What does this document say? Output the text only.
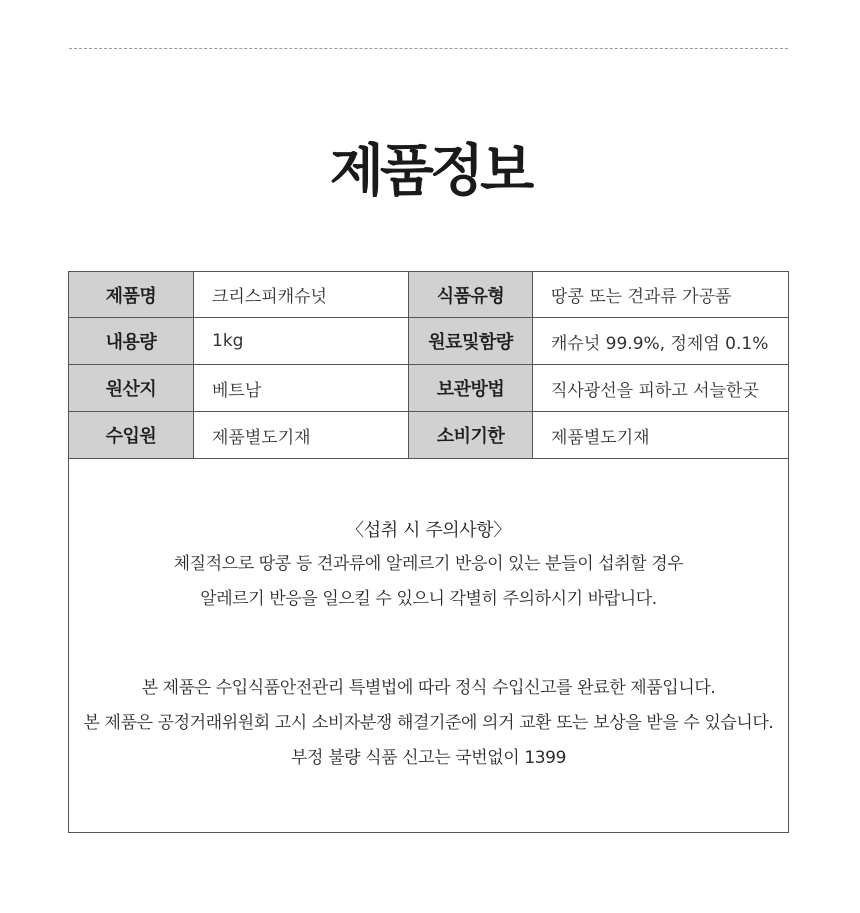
제품정보
제품명	크리스피캐슈넛	식품유형	땅콩 또는 견과류 가공품
내용량	1kg	원료및함량	캐슈넛 99.9%, 정제염 0.1%
원산지	베트남	보관방법	직사광선을 피하고 서늘한곳
수입원	제품별도기재	소비기한	제품별도기재
〈섭취 시 주의사항〉
체질적으로 땅콩 등 견과류에 알레르기 반응이 있는 분들이 섭취할 경우
알레르기 반응을 일으킬 수 있으니 각별히 주의하시기 바랍니다.
본 제품은 수입식품안전관리 특별법에 따라 정식 수입신고를 완료한 제품입니다.
본 제품은 공정거래위원회 고시 소비자분쟁 해결기준에 의거 교환 또는 보상을 받을 수 있습니다.
부정 불량 식품 신고는 국번없이 1399
